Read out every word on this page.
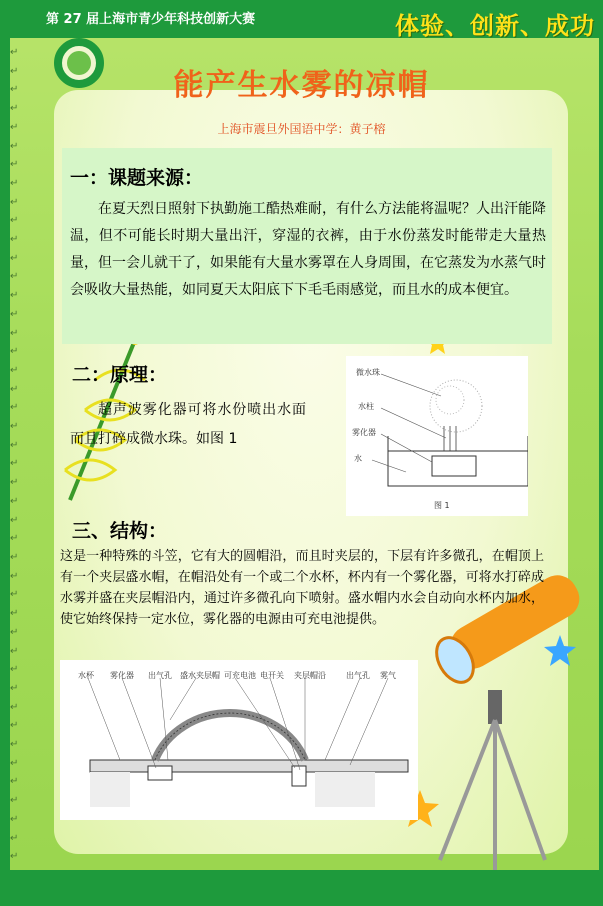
第 27 届上海市青少年科技创新大赛	体验、创新、成功
↵
↵
↵
↵
↵
↵
↵
↵
↵
↵
↵
↵
↵
↵
↵
↵
↵
↵
↵
↵
↵
↵
↵
↵
↵
↵
↵
↵
↵
↵
↵
↵
↵
↵
↵
↵
↵
↵
↵
↵
↵
↵
↵
↵
能产生水雾的凉帽
上海市震旦外国语中学：黄子榕
一：课题来源：
在夏天烈日照射下执勤施工酷热难耐，有什么方法能将温呢？人出汗能降温，但不可能长时期大量出汗，穿湿的衣裤，由于水份蒸发时能带走大量热量，但一会儿就干了，如果能有大量水雾罩在人身周围，在它蒸发为水蒸气时会吸收大量热能，如同夏天太阳底下下毛毛雨感觉，而且水的成本便宜。
二：原理：
超声波雾化器可将水份喷出水面而且打碎成微水珠。如图 1
微水珠
水柱
雾化器
水
图 1
三、结构：
这是一种特殊的斗笠，它有大的圆帽沿，而且时夹层的，下层有许多微孔，在帽顶上有一个夹层盛水帽，在帽沿处有一个或二个水杯，杯内有一个雾化器，可将水打碎成水雾并盛在夹层帽沿内，通过许多微孔向下喷射。盛水帽内水会自动向水杯内加水，使它始终保持一定水位，雾化器的电源由可充电池提供。
水杯 雾化器 出气孔 盛水夹层帽 可充电池 电开关 夹层帽沿	出气孔 雾气
